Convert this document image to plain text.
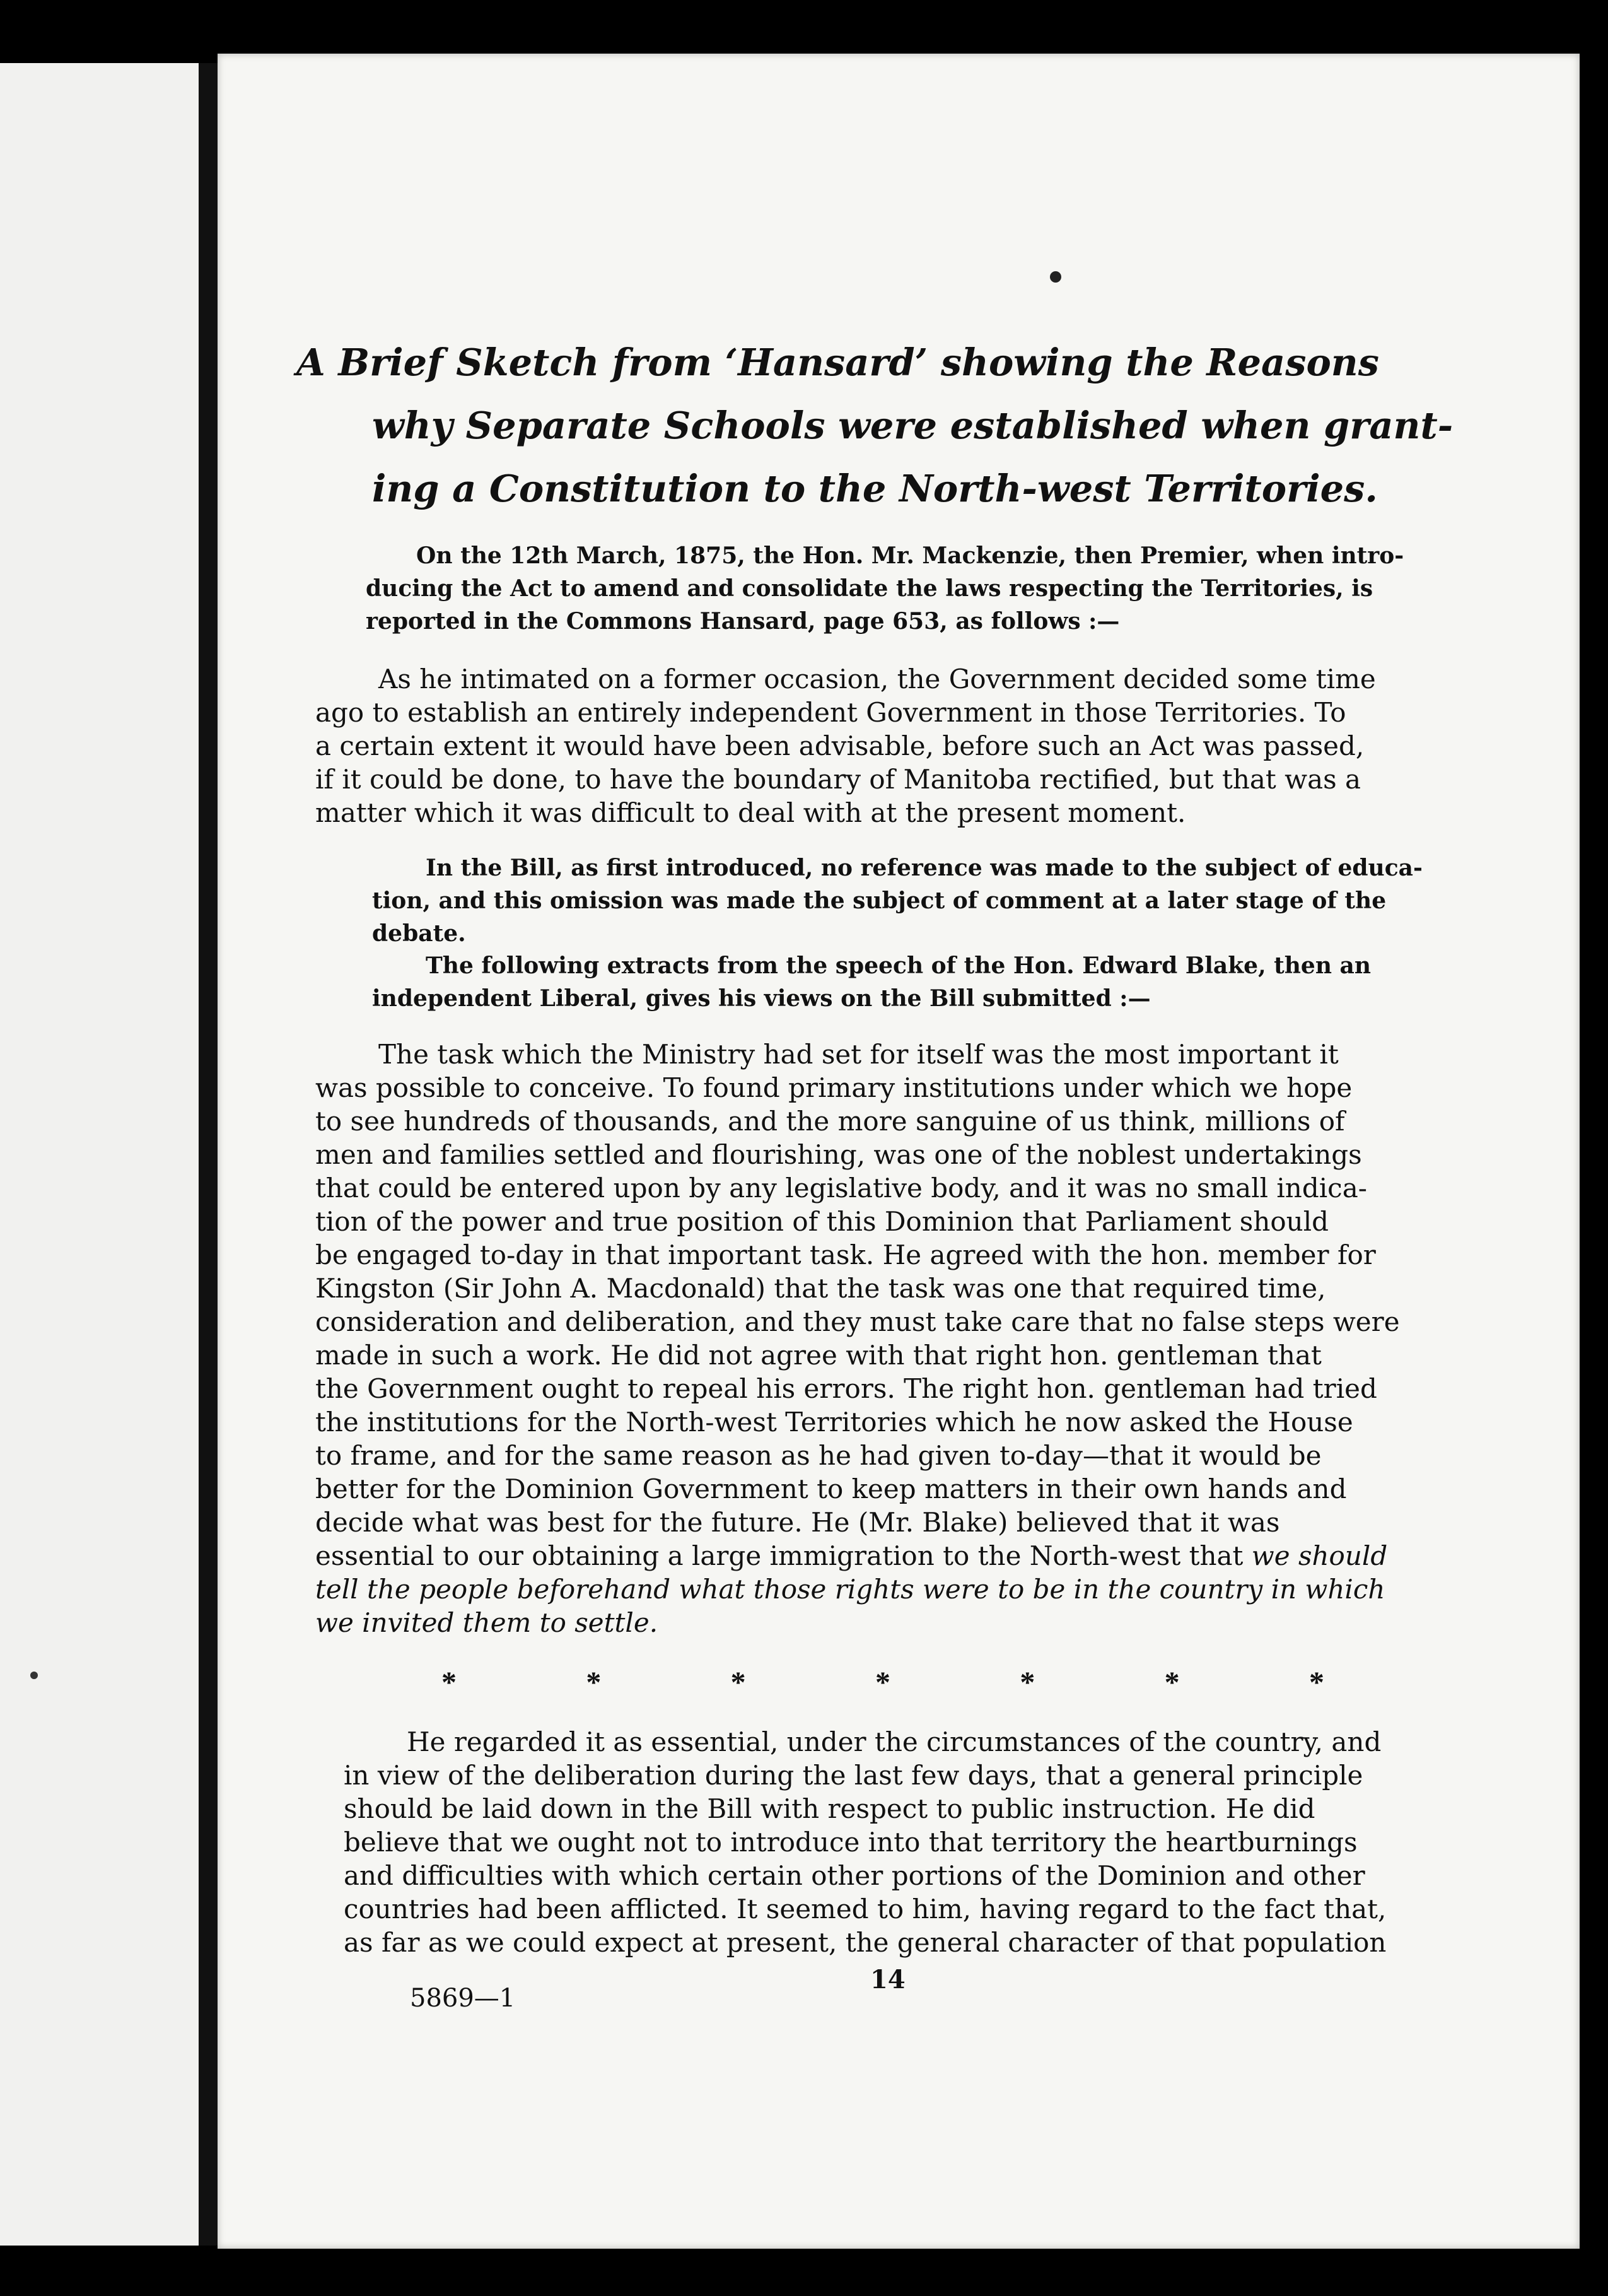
A Brief Sketch from ‘Hansard’ showing the Reasons
why Separate Schools were established when grant-
ing a Constitution to the North-west Territories.
On the 12th March, 1875, the Hon. Mr. Mackenzie, then Premier, when intro-
ducing the Act to amend and consolidate the laws respecting the Territories, is
reported in the Commons Hansard, page 653, as follows :—
As he intimated on a former occasion, the Government decided some time
ago to establish an entirely independent Government in those Territories. To
a certain extent it would have been advisable, before such an Act was passed,
if it could be done, to have the boundary of Manitoba rectified, but that was a
matter which it was difficult to deal with at the present moment.
In the Bill, as first introduced, no reference was made to the subject of educa-
tion, and this omission was made the subject of comment at a later stage of the
debate.
The following extracts from the speech of the Hon. Edward Blake, then an
independent Liberal, gives his views on the Bill submitted :—
The task which the Ministry had set for itself was the most important it
was possible to conceive. To found primary institutions under which we hope
to see hundreds of thousands, and the more sanguine of us think, millions of
men and families settled and flourishing, was one of the noblest undertakings
that could be entered upon by any legislative body, and it was no small indica-
tion of the power and true position of this Dominion that Parliament should
be engaged to-day in that important task. He agreed with the hon. member for
Kingston (Sir John A. Macdonald) that the task was one that required time,
consideration and deliberation, and they must take care that no false steps were
made in such a work. He did not agree with that right hon. gentleman that
the Government ought to repeal his errors. The right hon. gentleman had tried
the institutions for the North-west Territories which he now asked the House
to frame, and for the same reason as he had given to-day—that it would be
better for the Dominion Government to keep matters in their own hands and
decide what was best for the future. He (Mr. Blake) believed that it was
essential to our obtaining a large immigration to the North-west that we should
tell the people beforehand what those rights were to be in the country in which
we invited them to settle.
*	*	*	*	*	*	*
He regarded it as essential, under the circumstances of the country, and
in view of the deliberation during the last few days, that a general principle
should be laid down in the Bill with respect to public instruction. He did
believe that we ought not to introduce into that territory the heartburnings
and difficulties with which certain other portions of the Dominion and other
countries had been afflicted. It seemed to him, having regard to the fact that,
as far as we could expect at present, the general character of that population
5869—1
14
